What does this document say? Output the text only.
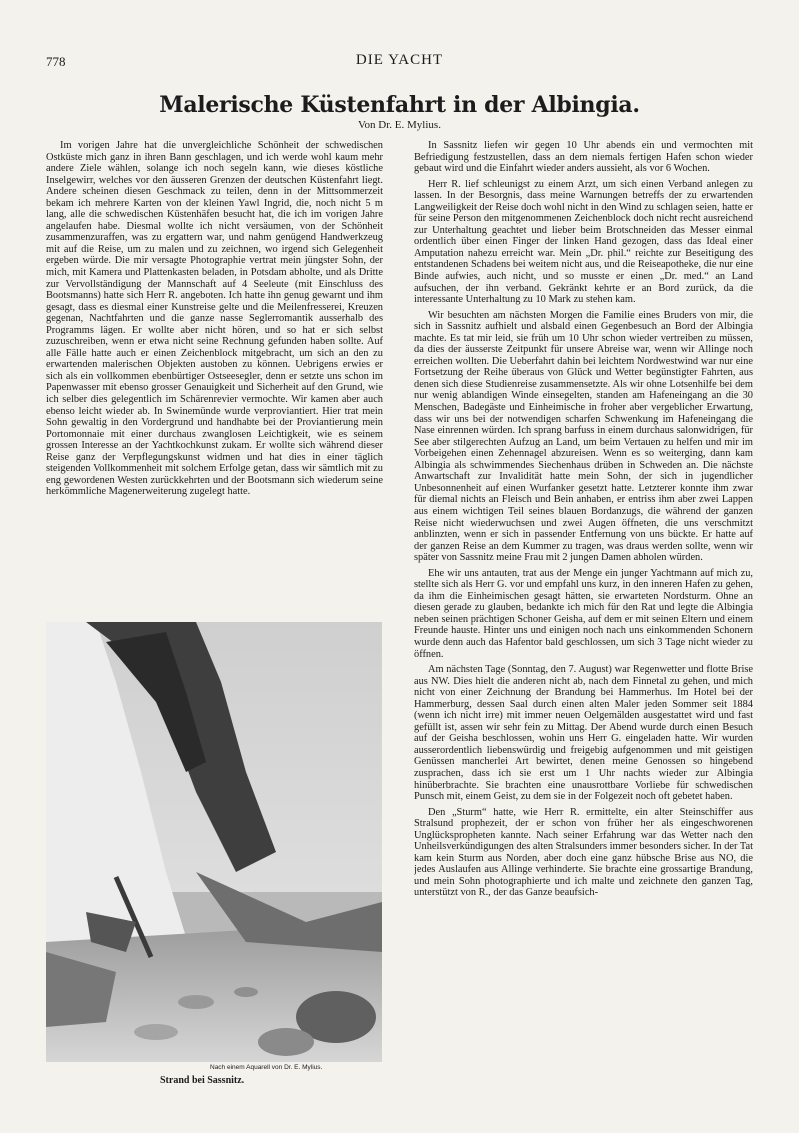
778	DIE YACHT
Malerische Küstenfahrt in der Albingia.
Von Dr. E. Mylius.

Im vorigen Jahre hat die unvergleichliche Schönheit der schwedischen Ostküste mich ganz in ihren Bann geschlagen, und ich werde wohl kaum mehr andere Ziele wählen, solange ich noch segeln kann, wie dieses köstliche Inselgewirr, welches vor den äusseren Grenzen der deutschen Küstenfahrt liegt. Andere scheinen diesen Geschmack zu teilen, denn in der Mittsommerzeit bekam ich mehrere Karten von der kleinen Yawl Ingrid, die, noch nicht 5 m lang, alle die schwedischen Küstenhäfen besucht hat, die ich im vorigen Jahre angelaufen habe. Diesmal wollte ich nicht versäumen, von der Schönheit zusammenzuraffen, was zu ergattern war, und nahm genügend Handwerkzeug mit auf die Reise, um zu malen und zu zeichnen, wo irgend sich Gelegenheit ergeben würde. Die mir versagte Photographie vertrat mein jüngster Sohn, der mich, mit Kamera und Plattenkasten beladen, in Potsdam abholte, und als Dritte zur Vervollständigung der Mannschaft auf 4 Seeleute (mit Einschluss des Bootsmanns) hatte sich Herr R. angeboten. Ich hatte ihn genug gewarnt und ihm gesagt, dass es diesmal einer Kunstreise gelte und die Meilenfresserei, Kreuzen gegenan, Nachtfahrten und die ganze nasse Seglerromantik ausserhalb des Programms lägen. Er wollte aber nicht hören, und so hat er sich selbst zuzuschreiben, wenn er etwa nicht seine Rechnung gefunden haben sollte. Auf alle Fälle hatte auch er einen Zeichenblock mitgebracht, um sich an den zu erwartenden malerischen Objekten austoben zu können. Uebrigens erwies er sich als ein vollkommen ebenbürtiger Ostseesegler, denn er setzte uns schon im Papenwasser mit ebenso grosser Genauigkeit und Sicherheit auf den Grund, wie ich selber dies gelegentlich im Schärenrevier vermochte. Wir kamen aber auch ebenso leicht wieder ab. In Swinemünde wurde verproviantiert. Hier trat mein Sohn gewaltig in den Vordergrund und handhabte bei der Proviantierung mein Portomonnaie mit einer durchaus zwanglosen Leichtigkeit, wie es seinem grossen Interesse an der Yachtkochkunst zukam. Er wollte sich während dieser Reise ganz der Verpflegungskunst widmen und hat dies in einer täglich steigenden Vollkommenheit mit solchem Erfolge getan, dass wir sämtlich mit zu eng gewordenen Westen zurückkehrten und der Bootsmann sich wiederum seine herkömmliche Magenerweiterung zugelegt hatte.

In Sassnitz liefen wir gegen 10 Uhr abends ein und vermochten mit Befriedigung festzustellen, dass an dem niemals fertigen Hafen schon wieder gebaut wird und die Einfahrt wieder anders aussieht, als vor 6 Wochen.

Herr R. lief schleunigst zu einem Arzt, um sich einen Verband anlegen zu lassen. In der Besorgnis, dass meine Warnungen betreffs der zu erwartenden Langweiligkeit der Reise doch wohl nicht in den Wind zu schlagen seien, hatte er für seine Person den mitgenommenen Zeichenblock doch nicht recht ausreichend zur Unterhaltung geachtet und lieber beim Brotschneiden das Messer einmal ordentlich über einen Finger der linken Hand gezogen, dass das Ideal einer Amputation nahezu erreicht war. Mein „Dr. phil.“ reichte zur Beseitigung des entstandenen Schadens bei weitem nicht aus, und die Reiseapotheke, die nur eine Binde aufwies, auch nicht, und so musste er einen „Dr. med.“ an Land aufsuchen, der ihn verband. Gekränkt kehrte er an Bord zurück, da die interessante Unterhaltung zu 10 Mark zu stehen kam.

Wir besuchten am nächsten Morgen die Familie eines Bruders von mir, die sich in Sassnitz aufhielt und alsbald einen Gegenbesuch an Bord der Albingia machte. Es tat mir leid, sie früh um 10 Uhr schon wieder vertreiben zu müssen, da dies der äusserste Zeitpunkt für unsere Abreise war, wenn wir Allinge noch erreichen wollten. Die Ueberfahrt dahin bei leichtem Nordwestwind war nur eine Fortsetzung der Reihe überaus von Glück und Wetter begünstigter Fahrten, aus denen sich diese Studienreise zusammensetzte. Als wir ohne Lotsenhilfe bei dem nur wenig ablandigen Winde einsegelten, standen am Hafeneingang an die 30 Menschen, Badegäste und Einheimische in froher aber vergeblicher Erwartung, dass wir uns bei der notwendigen scharfen Schwenkung im Hafeneingang die Nase einrennen würden. Ich sprang barfuss in einem durchaus salonwidrigen, für See aber stilgerechten Aufzug an Land, um beim Vertauen zu helfen und mir im Vorbeigehen einen Zehennagel abzureisen. Wenn es so weiterging, dann kam Albingia als schwimmendes Siechenhaus drüben in Schweden an. Die nächste Anwartschaft zur Invalidität hatte mein Sohn, der sich in jugendlicher Unbesonnenheit auf einen Wurfanker gesetzt hatte. Letzterer konnte ihm zwar für diemal nichts an Fleisch und Bein anhaben, er entriss ihm aber zwei Lappen aus einem wichtigen Teil seines blauen Bordanzugs, die während der ganzen Reise nicht wiederwuchsen und zwei Augen öffneten, die uns verschmitzt anblinzten, wenn er sich in passender Entfernung von uns bückte. Er hatte auf der ganzen Reise an dem Kummer zu tragen, was draus werden sollte, wenn wir später von Sassnitz meine Frau mit 2 jungen Damen abholen würden.

Ehe wir uns antauten, trat aus der Menge ein junger Yachtmann auf mich zu, stellte sich als Herr G. vor und empfahl uns kurz, in den inneren Hafen zu gehen, da ihm die Einheimischen gesagt hätten, sie erwarteten Nordsturm. Ohne an diesen gerade zu glauben, bedankte ich mich für den Rat und legte die Albingia neben seinen prächtigen Schoner Geisha, auf dem er mit seinen Eltern und einem Freunde hauste. Hinter uns und einigen noch nach uns einkommenden Schonern wurde denn auch das Hafentor bald geschlossen, um sich 3 Tage nicht wieder zu öffnen.

Am nächsten Tage (Sonntag, den 7. August) war Regenwetter und flotte Brise aus NW. Dies hielt die anderen nicht ab, nach dem Finnetal zu gehen, und mich nicht von einer Zeichnung der Brandung bei Hammerhus. Im Hotel bei der Hammerburg, dessen Saal durch einen alten Maler jeden Sommer seit 1884 (wenn ich nicht irre) mit immer neuen Oelgemälden ausgestattet wird und fast gefüllt ist, assen wir sehr fein zu Mittag. Der Abend wurde durch einen Besuch auf der Geisha beschlossen, wohin uns Herr G. eingeladen hatte. Wir wurden ausserordentlich liebenswürdig und freigebig aufgenommen und mit geistigen Genüssen mancherlei Art bewirtet, denen meine Genossen so hingebend zusprachen, dass ich sie erst um 1 Uhr nachts wieder zur Albingia hinüberbrachte. Sie brachten eine unausrottbare Vorliebe für schwedischen Punsch mit, einem Geist, zu dem sie in der Folgezeit noch oft gebetet haben.

Den „Sturm“ hatte, wie Herr R. ermittelte, ein alter Steinschiffer aus Stralsund prophezeit, der er schon von früher her als eingeschworenen Unglückspropheten kannte. Nach seiner Erfahrung war das Wetter nach den Unheilsverkündigungen des alten Stralsunders immer besonders sicher. In der Tat kam kein Sturm aus Norden, aber doch eine ganz hübsche Brise aus NO, die jedes Auslaufen aus Allinge verhinderte. Sie brachte eine grossartige Brandung, und mein Sohn photographierte und ich malte und zeichnete den ganzen Tag, unterstützt von R., der das Ganze beaufsich-

Nach einem Aquarell von Dr. E. Mylius.
Strand bei Sassnitz.
